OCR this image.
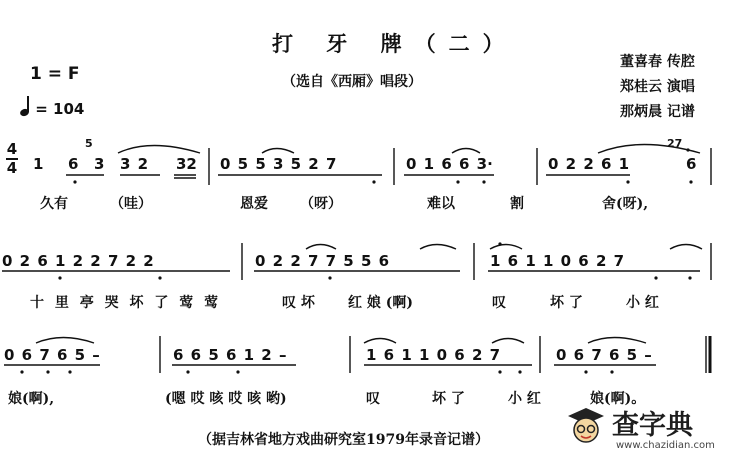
打 牙 牌（二）
（选自《西厢》唱段）
1 = F
= 104
董喜春 传腔
郑桂云 演唱
那炳晨 记谱
4
4 1 6 3
5
3 2 32 0 5 5 3 5 2 7	0 1 6 6 3·	0 2 2 6 1
27
6
久有	（哇）	恩爱 （呀）	难以	割	舍(呀),
0 2 6 1 2 2 7 2 2	0 2 2 7 7 5 5 6	1 6 1 1 0 6 2 7
十 里 亭 哭 坏 了 莺 莺	叹 坏 红 娘 (啊)	叹	坏 了	小 红
0 6 7 6 5 –	6 6 5 6 1 2 –	1 6 1 1 0 6 2 7	0 6 7 6 5 –
娘(啊),	(嗯 哎 咳 哎 咳 哟)	叹	坏 了	小 红	娘(啊)。
（据吉林省地方戏曲研究室1979年录音记谱）	查字典
www.chazidian.com
